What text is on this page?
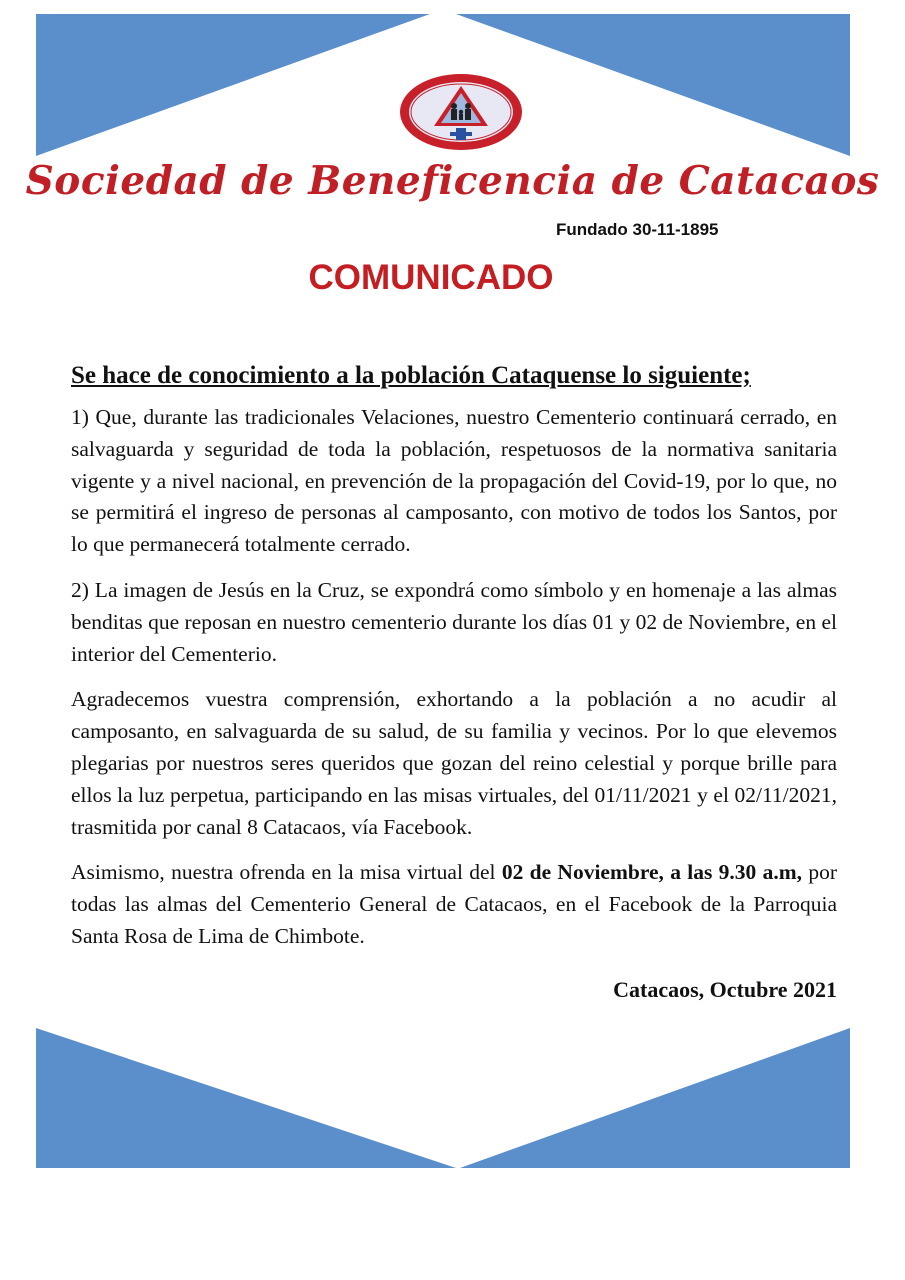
Sociedad de Beneficencia de Catacaos
Fundado 30-11-1895
COMUNICADO

Se hace de conocimiento a la población Cataquense lo siguiente;

1) Que, durante las tradicionales Velaciones, nuestro Cementerio continuará cerrado, en salvaguarda y seguridad de toda la población, respetuosos de la normativa sanitaria vigente y a nivel nacional, en prevención de la propagación del Covid-19, por lo que, no se permitirá el ingreso de personas al camposanto, con motivo de todos los Santos, por lo que permanecerá totalmente cerrado.

2) La imagen de Jesús en la Cruz, se expondrá como símbolo y en homenaje a las almas benditas que reposan en nuestro cementerio durante los días 01 y 02 de Noviembre, en el interior del Cementerio.

Agradecemos vuestra comprensión, exhortando a la población a no acudir al camposanto, en salvaguarda de su salud, de su familia y vecinos. Por lo que elevemos plegarias por nuestros seres queridos que gozan del reino celestial y porque brille para ellos la luz perpetua, participando en las misas virtuales, del 01/11/2021 y el 02/11/2021, trasmitida por canal 8 Catacaos, vía Facebook.

Asimismo, nuestra ofrenda en la misa virtual del 02 de Noviembre, a las 9.30 a.m, por todas las almas del Cementerio General de Catacaos, en el Facebook de la Parroquia Santa Rosa de Lima de Chimbote.

Catacaos, Octubre 2021
